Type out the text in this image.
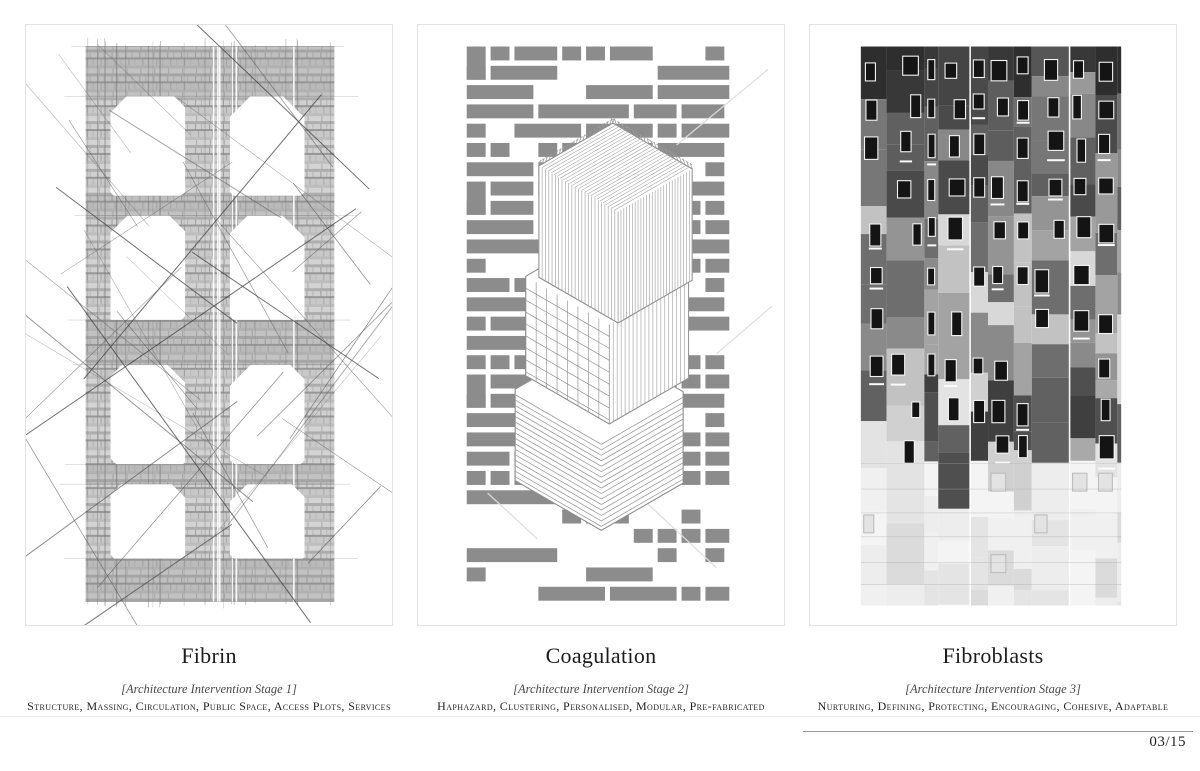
Fibrin
[Architecture Intervention Stage 1]
Structure, Massing, Circulation, Public Space, Access Plots, Services
Coagulation
[Architecture Intervention Stage 2]
Haphazard, Clustering, Personalised, Modular, Pre-fabricated
Fibroblasts
[Architecture Intervention Stage 3]
Nurturing, Defining, Protecting, Encouraging, Cohesive, Adaptable
03/15
